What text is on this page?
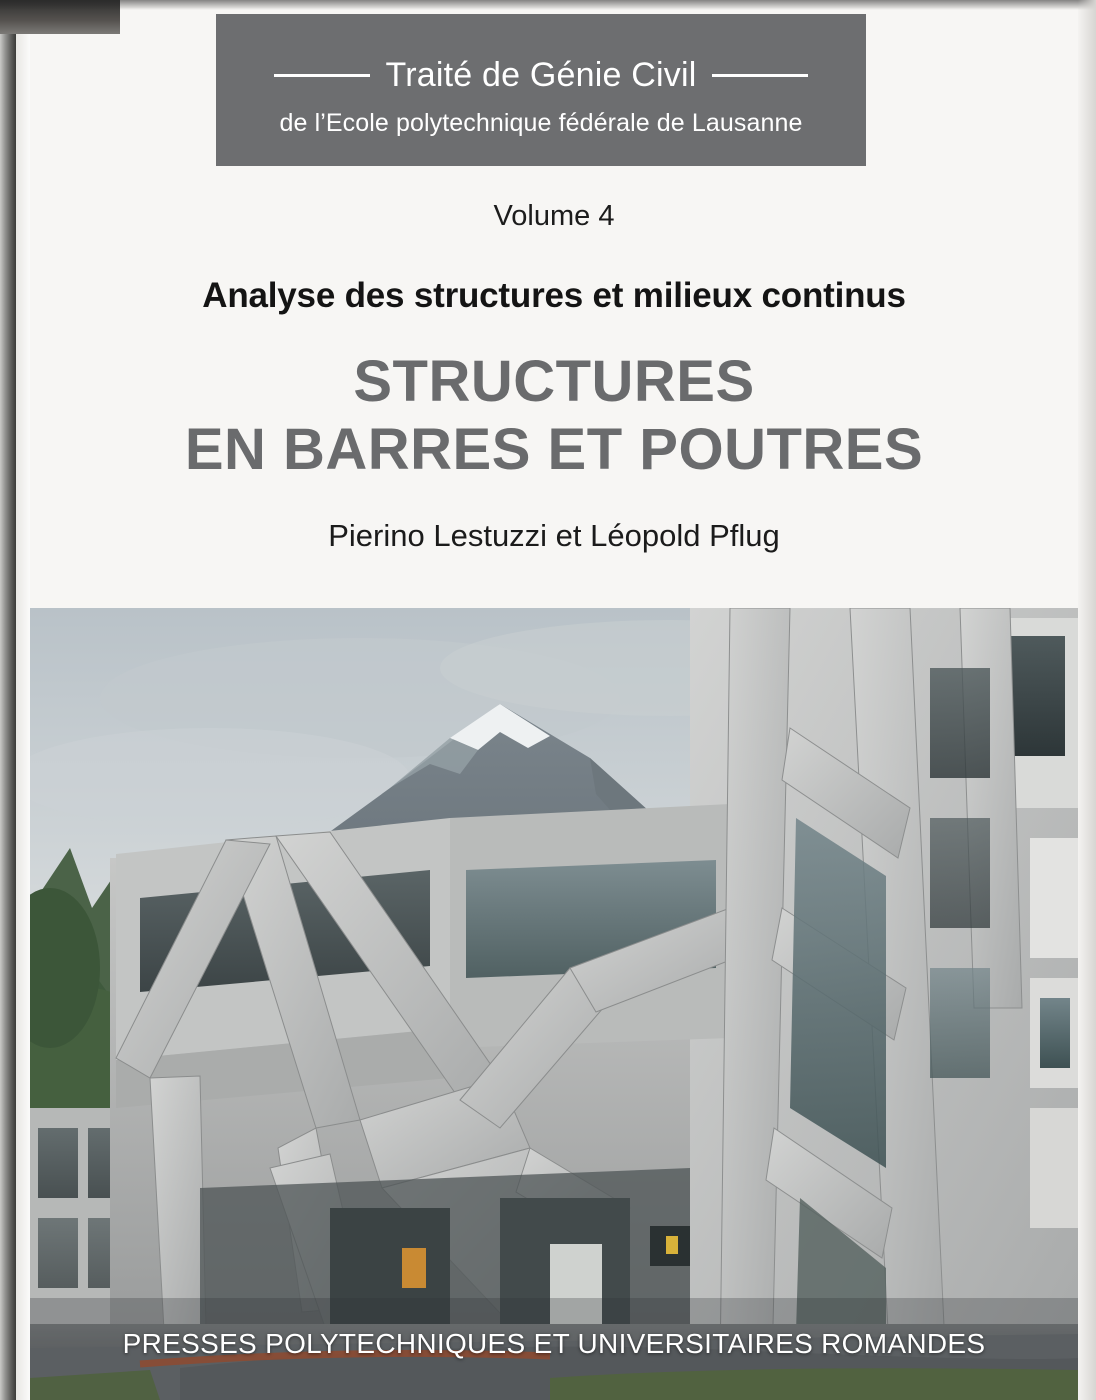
Traité de Génie Civil
de l’Ecole polytechnique fédérale de Lausanne
Volume 4
Analyse des structures et milieux continus
STRUCTURES
EN BARRES ET POUTRES
Pierino Lestuzzi et Léopold Pflug
PRESSES POLYTECHNIQUES ET UNIVERSITAIRES ROMANDES
